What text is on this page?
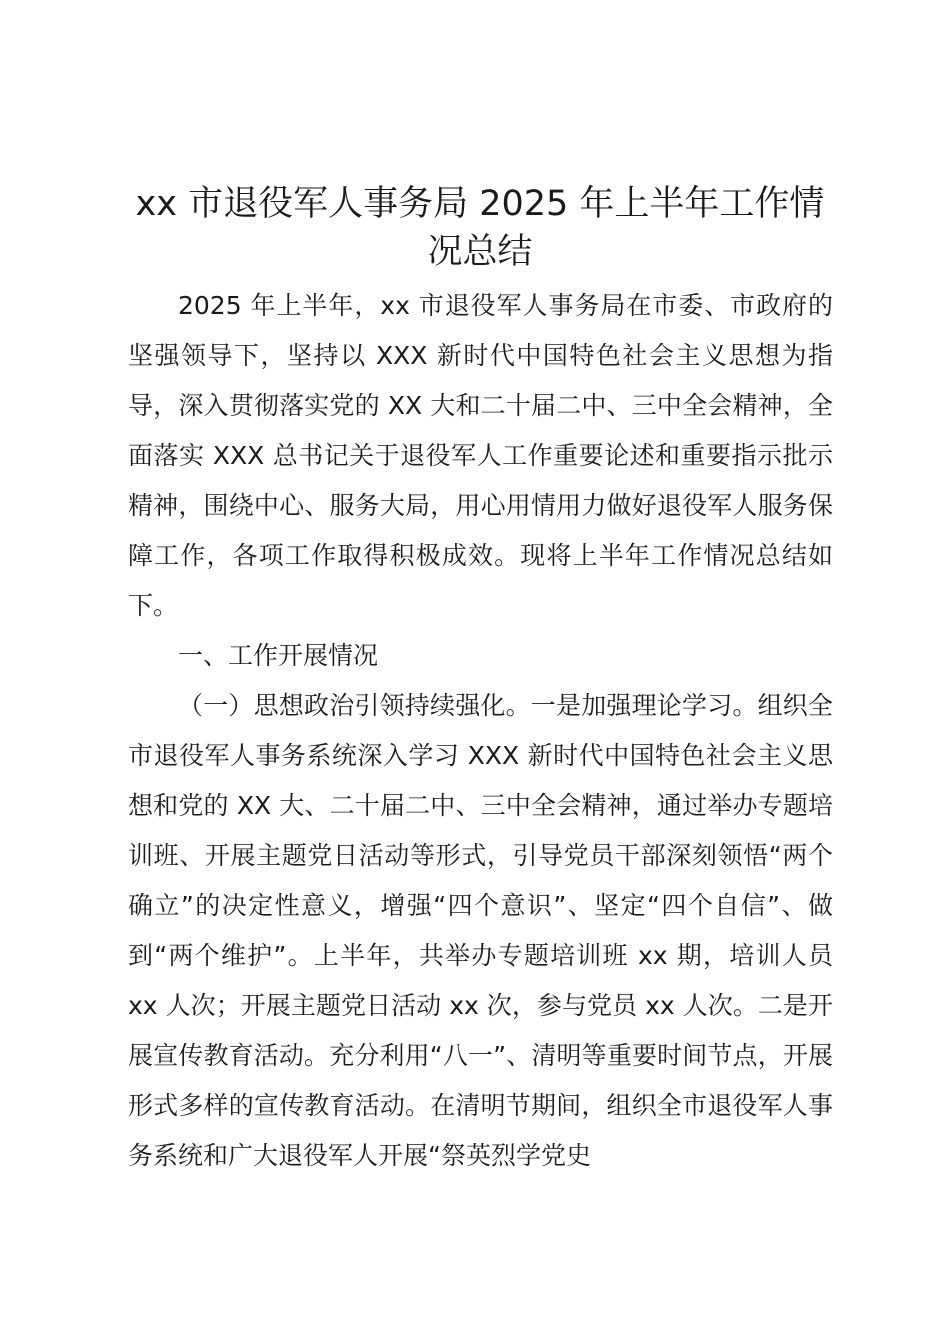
xx 市退役军人事务局 2025 年上半年工作情况总结

2025 年上半年，xx 市退役军人事务局在市委、市政府的坚强领导下，坚持以 XXX 新时代中国特色社会主义思想为指导，深入贯彻落实党的 XX 大和二十届二中、三中全会精神，全面落实 XXX 总书记关于退役军人工作重要论述和重要指示批示精神，围绕中心、服务大局，用心用情用力做好退役军人服务保障工作，各项工作取得积极成效。现将上半年工作情况总结如下。

一、工作开展情况

（一）思想政治引领持续强化。一是加强理论学习。组织全市退役军人事务系统深入学习 XXX 新时代中国特色社会主义思想和党的 XX 大、二十届二中、三中全会精神，通过举办专题培训班、开展主题党日活动等形式，引导党员干部深刻领悟“两个确立”的决定性意义，增强“四个意识”、坚定“四个自信”、做到“两个维护”。上半年，共举办专题培训班 xx 期，培训人员 xx 人次；开展主题党日活动 xx 次，参与党员 xx 人次。二是开展宣传教育活动。充分利用“八一”、清明等重要时间节点，开展形式多样的宣传教育活动。在清明节期间，组织全市退役军人事务系统和广大退役军人开展“祭英烈学党史
